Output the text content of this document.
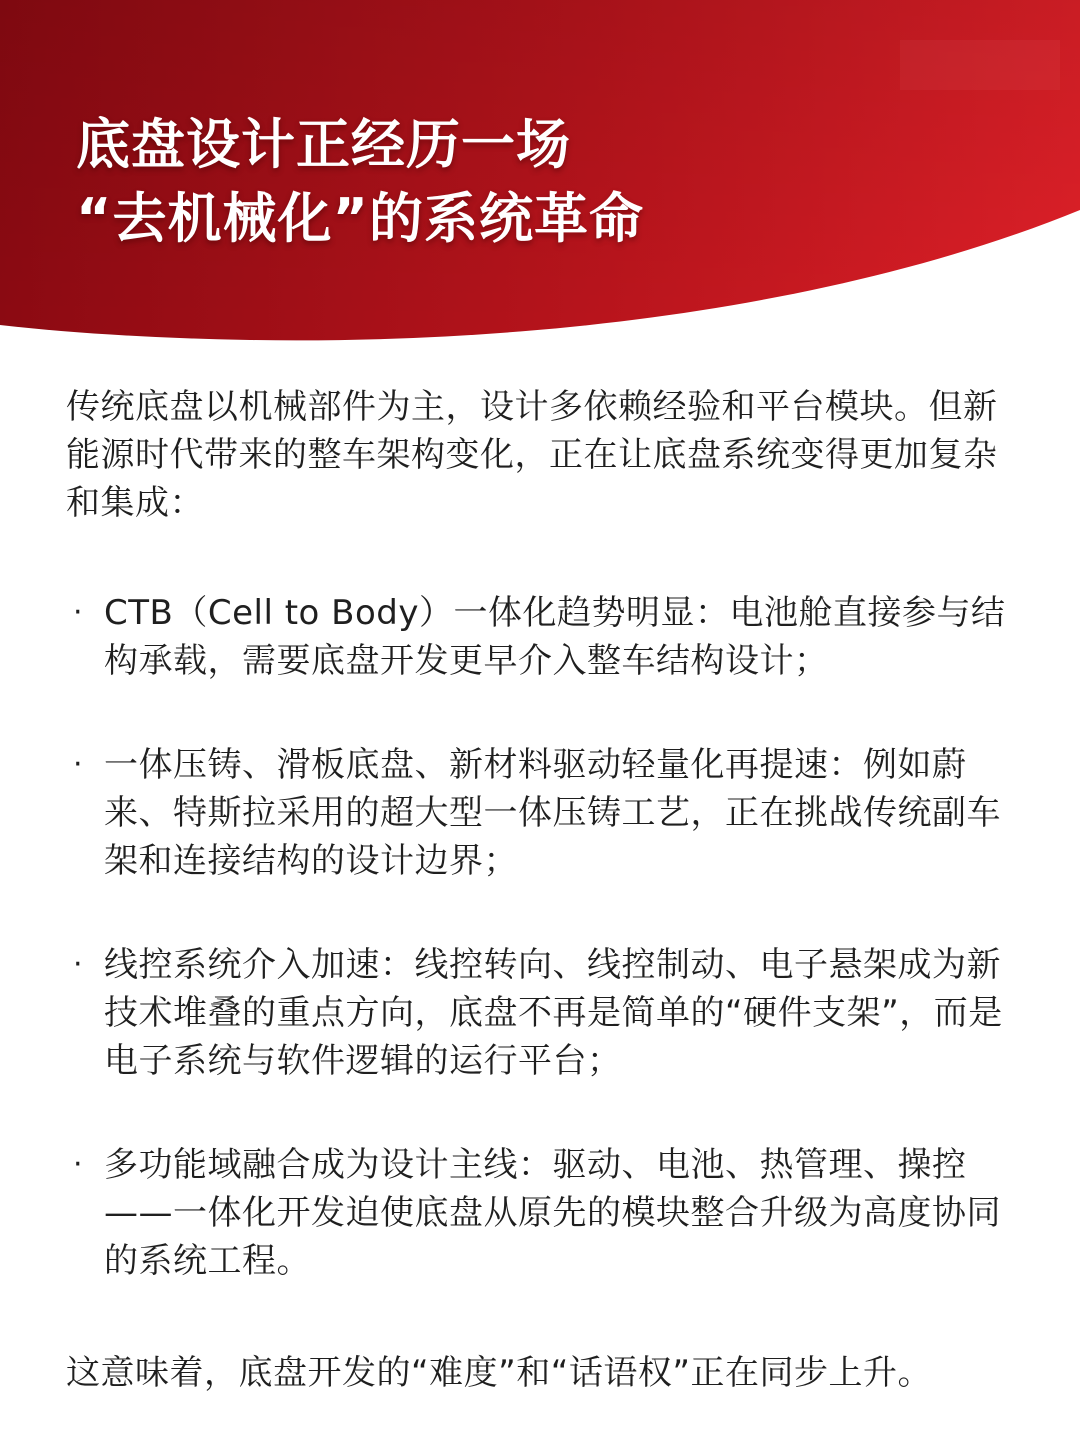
底盘设计正经历一场
“去机械化”的系统革命

传统底盘以机械部件为主，设计多依赖经验和平台模块。但新能源时代带来的整车架构变化，正在让底盘系统变得更加复杂和集成：

· CTB（Cell to Body）一体化趋势明显：电池舱直接参与结构承载，需要底盘开发更早介入整车结构设计；
· 一体压铸、滑板底盘、新材料驱动轻量化再提速：例如蔚来、特斯拉采用的超大型一体压铸工艺，正在挑战传统副车架和连接结构的设计边界；
· 线控系统介入加速：线控转向、线控制动、电子悬架成为新技术堆叠的重点方向，底盘不再是简单的“硬件支架”，而是电子系统与软件逻辑的运行平台；
· 多功能域融合成为设计主线：驱动、电池、热管理、操控——一体化开发迫使底盘从原先的模块整合升级为高度协同的系统工程。

这意味着，底盘开发的“难度”和“话语权”正在同步上升。
